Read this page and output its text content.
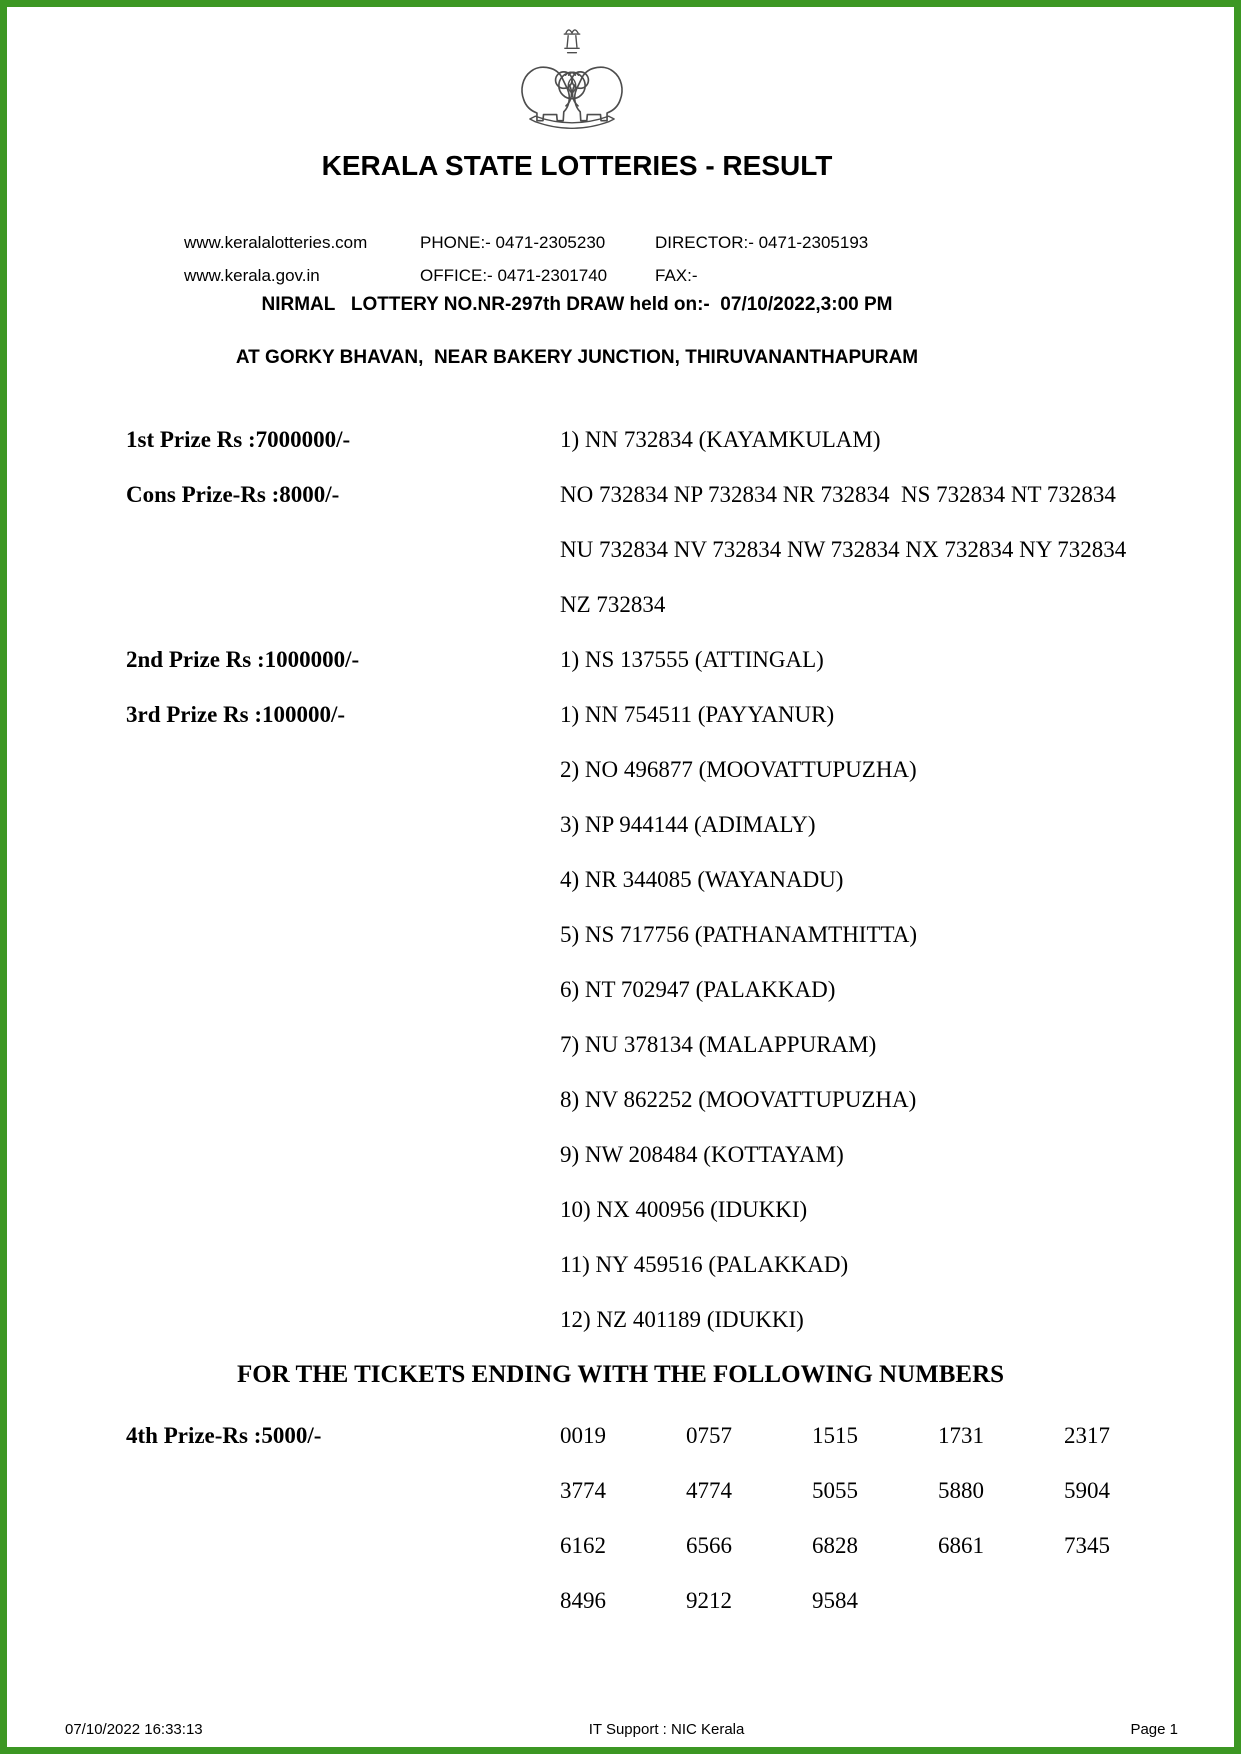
KERALA STATE LOTTERIES - RESULT
www.keralalotteries.com	PHONE:- 0471-2305230	DIRECTOR:- 0471-2305193
www.kerala.gov.in	OFFICE:- 0471-2301740	FAX:-
NIRMAL   LOTTERY NO.NR-297th DRAW held on:-  07/10/2022,3:00 PM
AT GORKY BHAVAN,  NEAR BAKERY JUNCTION, THIRUVANANTHAPURAM
1st Prize Rs :7000000/-	1) NN 732834 (KAYAMKULAM)
Cons Prize-Rs :8000/-	NO 732834 NP 732834 NR 732834  NS 732834 NT 732834
NU 732834 NV 732834 NW 732834 NX 732834 NY 732834
NZ 732834
2nd Prize Rs :1000000/-	1) NS 137555 (ATTINGAL)
3rd Prize Rs :100000/-	1) NN 754511 (PAYYANUR)
2) NO 496877 (MOOVATTUPUZHA)
3) NP 944144 (ADIMALY)
4) NR 344085 (WAYANADU)
5) NS 717756 (PATHANAMTHITTA)
6) NT 702947 (PALAKKAD)
7) NU 378134 (MALAPPURAM)
8) NV 862252 (MOOVATTUPUZHA)
9) NW 208484 (KOTTAYAM)
10) NX 400956 (IDUKKI)
11) NY 459516 (PALAKKAD)
12) NZ 401189 (IDUKKI)
FOR THE TICKETS ENDING WITH THE FOLLOWING NUMBERS
4th Prize-Rs :5000/-	0019	0757	1515	1731	2317
3774	4774	5055	5880	5904
6162	6566	6828	6861	7345
8496	9212	9584
07/10/2022 16:33:13	IT Support : NIC Kerala	Page 1
